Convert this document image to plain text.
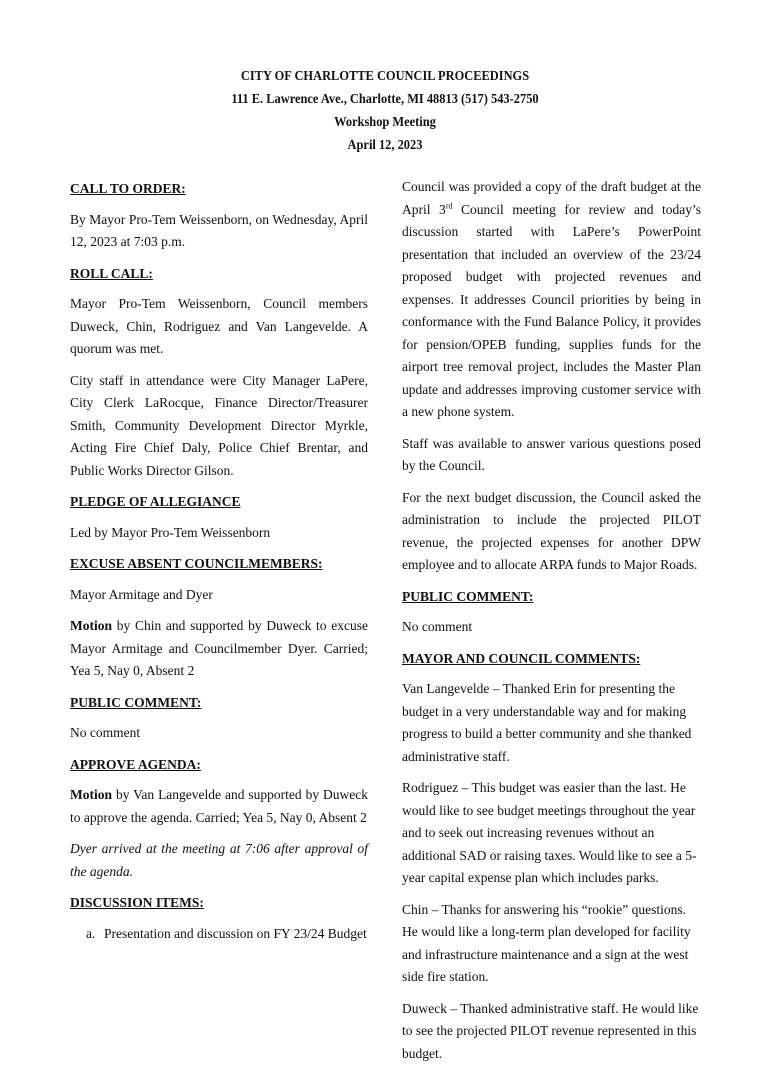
CITY OF CHARLOTTE COUNCIL PROCEEDINGS
111 E. Lawrence Ave., Charlotte, MI 48813 (517) 543-2750
Workshop Meeting
April 12, 2023
CALL TO ORDER:

By Mayor Pro-Tem Weissenborn, on Wednesday, April 12, 2023 at 7:03 p.m.

ROLL CALL:

Mayor Pro-Tem Weissenborn, Council members Duweck, Chin, Rodriguez and Van Langevelde. A quorum was met.

City staff in attendance were City Manager LaPere, City Clerk LaRocque, Finance Director/Treasurer Smith, Community Development Director Myrkle, Acting Fire Chief Daly, Police Chief Brentar, and Public Works Director Gilson.

PLEDGE OF ALLEGIANCE

Led by Mayor Pro-Tem Weissenborn

EXCUSE ABSENT COUNCILMEMBERS:

Mayor Armitage and Dyer

Motion by Chin and supported by Duweck to excuse Mayor Armitage and Councilmember Dyer. Carried; Yea 5, Nay 0, Absent 2

PUBLIC COMMENT:

No comment

APPROVE AGENDA:

Motion by Van Langevelde and supported by Duweck to approve the agenda. Carried; Yea 5, Nay 0, Absent 2

Dyer arrived at the meeting at 7:06 after approval of the agenda.

DISCUSSION ITEMS:

a. Presentation and discussion on FY 23/24 Budget

Council was provided a copy of the draft budget at the April 3rd Council meeting for review and today’s discussion started with LaPere’s PowerPoint presentation that included an overview of the 23/24 proposed budget with projected revenues and expenses. It addresses Council priorities by being in conformance with the Fund Balance Policy, it provides for pension/OPEB funding, supplies funds for the airport tree removal project, includes the Master Plan update and addresses improving customer service with a new phone system.

Staff was available to answer various questions posed by the Council.

For the next budget discussion, the Council asked the administration to include the projected PILOT revenue, the projected expenses for another DPW employee and to allocate ARPA funds to Major Roads.

PUBLIC COMMENT:

No comment

MAYOR AND COUNCIL COMMENTS:

Van Langevelde – Thanked Erin for presenting the budget in a very understandable way and for making progress to build a better community and she thanked administrative staff.

Rodriguez – This budget was easier than the last. He would like to see budget meetings throughout the year and to seek out increasing revenues without an additional SAD or raising taxes. Would like to see a 5-year capital expense plan which includes parks.

Chin – Thanks for answering his “rookie” questions. He would like a long-term plan developed for facility and infrastructure maintenance and a sign at the west side fire station.

Duweck – Thanked administrative staff. He would like to see the projected PILOT revenue represented in this budget.
